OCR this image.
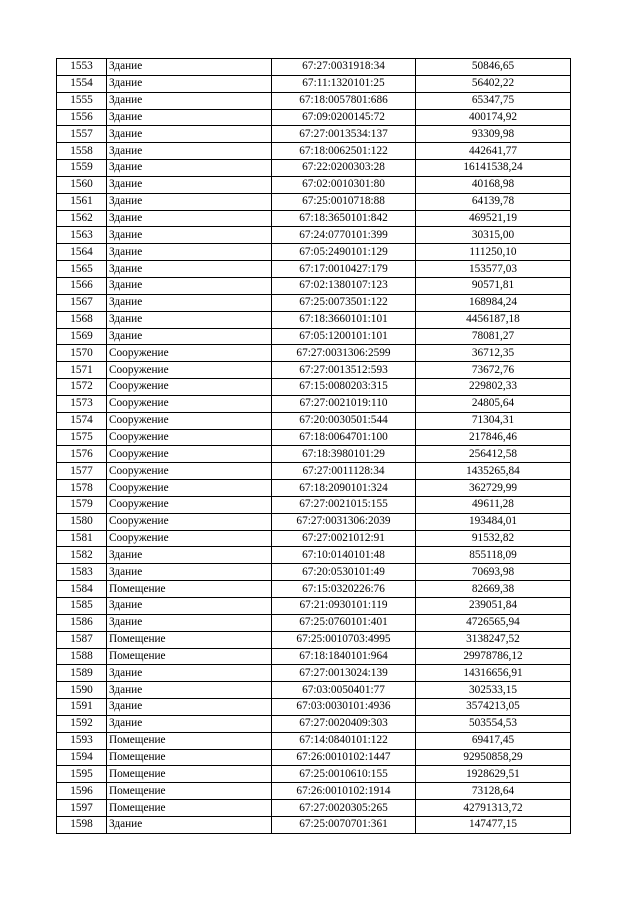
1553	Здание	67:27:0031918:34	50846,65
1554	Здание	67:11:1320101:25	56402,22
1555	Здание	67:18:0057801:686	65347,75
1556	Здание	67:09:0200145:72	400174,92
1557	Здание	67:27:0013534:137	93309,98
1558	Здание	67:18:0062501:122	442641,77
1559	Здание	67:22:0200303:28	16141538,24
1560	Здание	67:02:0010301:80	40168,98
1561	Здание	67:25:0010718:88	64139,78
1562	Здание	67:18:3650101:842	469521,19
1563	Здание	67:24:0770101:399	30315,00
1564	Здание	67:05:2490101:129	111250,10
1565	Здание	67:17:0010427:179	153577,03
1566	Здание	67:02:1380107:123	90571,81
1567	Здание	67:25:0073501:122	168984,24
1568	Здание	67:18:3660101:101	4456187,18
1569	Здание	67:05:1200101:101	78081,27
1570	Сооружение	67:27:0031306:2599	36712,35
1571	Сооружение	67:27:0013512:593	73672,76
1572	Сооружение	67:15:0080203:315	229802,33
1573	Сооружение	67:27:0021019:110	24805,64
1574	Сооружение	67:20:0030501:544	71304,31
1575	Сооружение	67:18:0064701:100	217846,46
1576	Сооружение	67:18:3980101:29	256412,58
1577	Сооружение	67:27:0011128:34	1435265,84
1578	Сооружение	67:18:2090101:324	362729,99
1579	Сооружение	67:27:0021015:155	49611,28
1580	Сооружение	67:27:0031306:2039	193484,01
1581	Сооружение	67:27:0021012:91	91532,82
1582	Здание	67:10:0140101:48	855118,09
1583	Здание	67:20:0530101:49	70693,98
1584	Помещение	67:15:0320226:76	82669,38
1585	Здание	67:21:0930101:119	239051,84
1586	Здание	67:25:0760101:401	4726565,94
1587	Помещение	67:25:0010703:4995	3138247,52
1588	Помещение	67:18:1840101:964	29978786,12
1589	Здание	67:27:0013024:139	14316656,91
1590	Здание	67:03:0050401:77	302533,15
1591	Здание	67:03:0030101:4936	3574213,05
1592	Здание	67:27:0020409:303	503554,53
1593	Помещение	67:14:0840101:122	69417,45
1594	Помещение	67:26:0010102:1447	92950858,29
1595	Помещение	67:25:0010610:155	1928629,51
1596	Помещение	67:26:0010102:1914	73128,64
1597	Помещение	67:27:0020305:265	42791313,72
1598	Здание	67:25:0070701:361	147477,15
